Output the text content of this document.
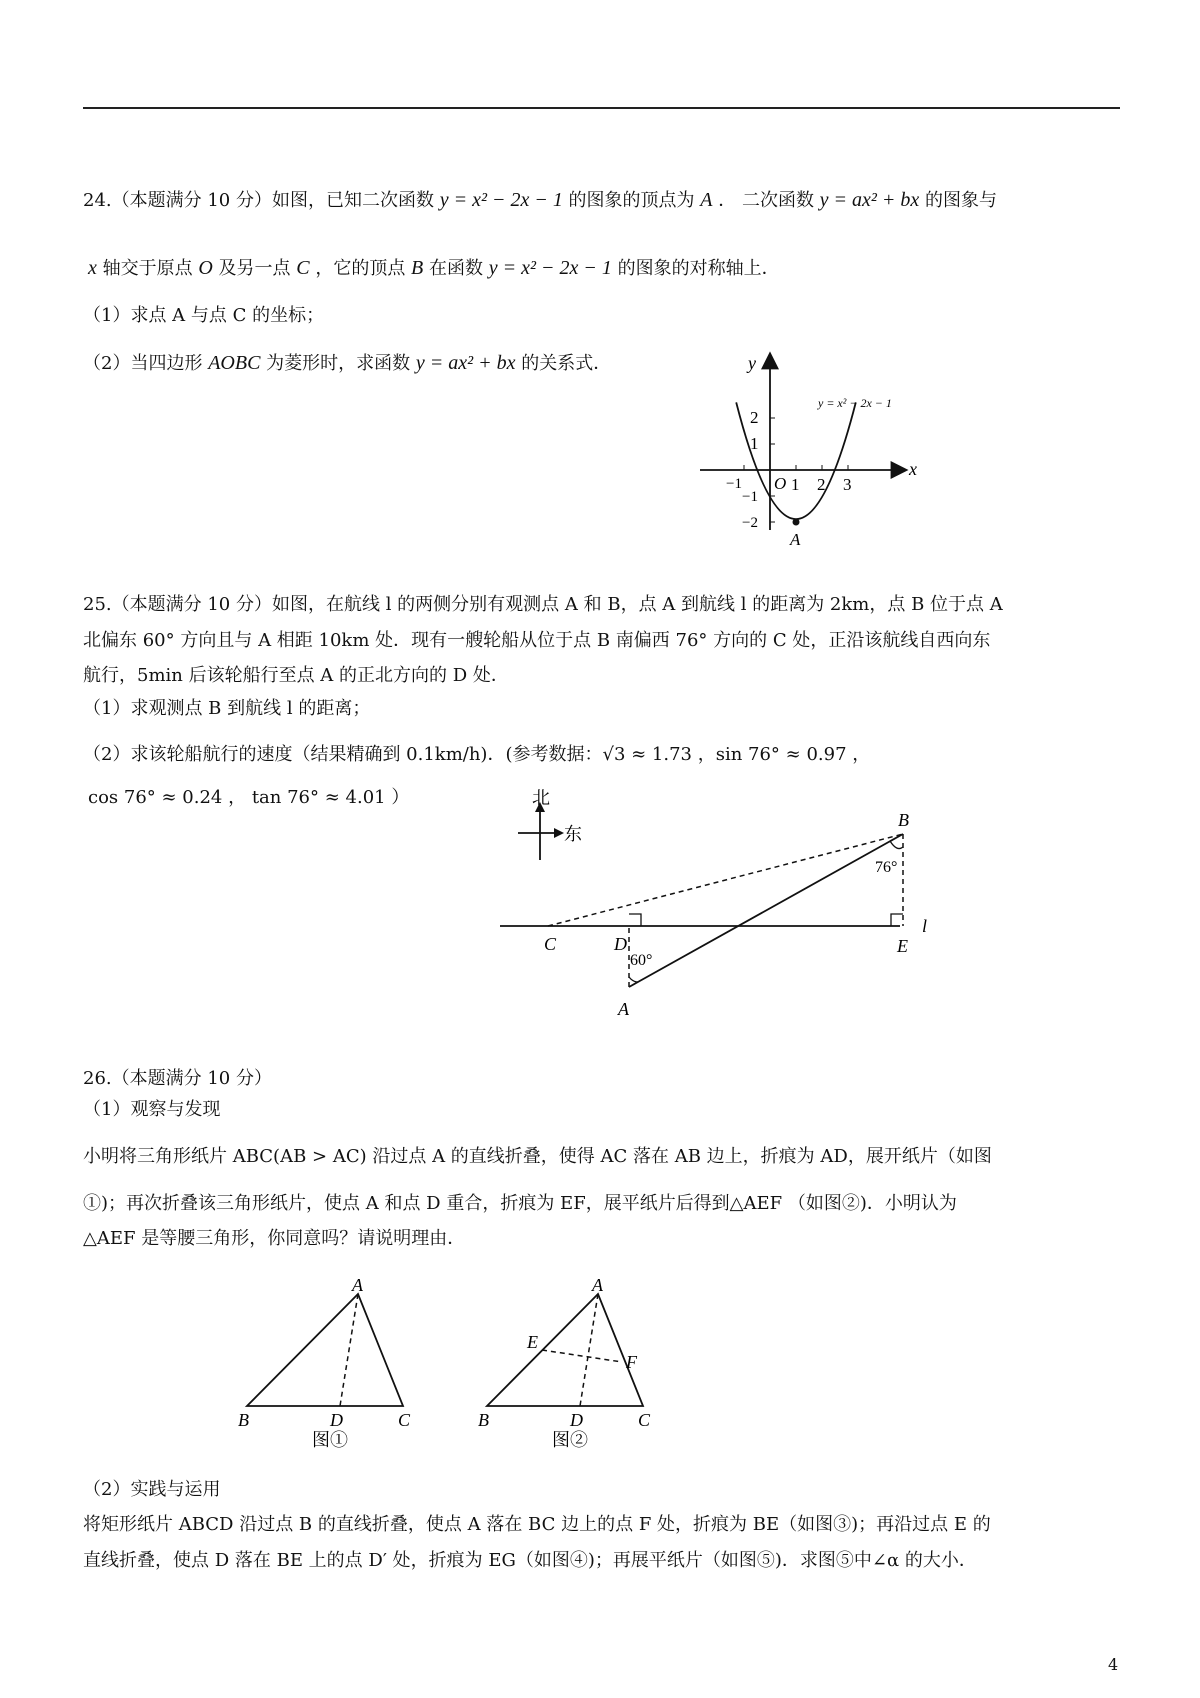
24.（本题满分 10 分）如图，已知二次函数 y = x² − 2x − 1 的图象的顶点为 A ． 二次函数 y = ax² + bx 的图象与
x 轴交于原点 O 及另一点 C ，它的顶点 B 在函数 y = x² − 2x − 1 的图象的对称轴上．
（1）求点 A 与点 C 的坐标；
（2）当四边形 AOBC 为菱形时，求函数 y = ax² + bx 的关系式．	y
x
O
2
1
−1	1 2 3
−1
−2
A
y = x² − 2x − 1
25.（本题满分 10 分）如图，在航线 l 的两侧分别有观测点 A 和 B，点 A 到航线 l 的距离为 2km，点 B 位于点 A
北偏东 60° 方向且与 A 相距 10km 处．现有一艘轮船从位于点 B 南偏西 76° 方向的 C 处，正沿该航线自西向东
航行，5min 后该轮船行至点 A 的正北方向的 D 处．
（1）求观测点 B 到航线 l 的距离；
（2）求该轮船航行的速度（结果精确到 0.1km/h)．(参考数据：√3 ≈ 1.73 ，sin 76° ≈ 0.97 ，
cos 76° ≈ 0.24 ， tan 76° ≈ 4.01 ）	北
东
B
76°
C	D
60°
E
l
A
26.（本题满分 10 分）
（1）观察与发现
小明将三角形纸片 ABC(AB > AC) 沿过点 A 的直线折叠，使得 AC 落在 AB 边上，折痕为 AD，展开纸片（如图
①)；再次折叠该三角形纸片，使点 A 和点 D 重合，折痕为 EF，展平纸片后得到△AEF （如图②)．小明认为
△AEF 是等腰三角形，你同意吗？请说明理由．
A
B	D	C
图①
A
E
F
B	D	C
图②
（2）实践与运用
将矩形纸片 ABCD 沿过点 B 的直线折叠，使点 A 落在 BC 边上的点 F 处，折痕为 BE（如图③)；再沿过点 E 的
直线折叠，使点 D 落在 BE 上的点 D′ 处，折痕为 EG（如图④)；再展平纸片（如图⑤)．求图⑤中∠α 的大小．
4
